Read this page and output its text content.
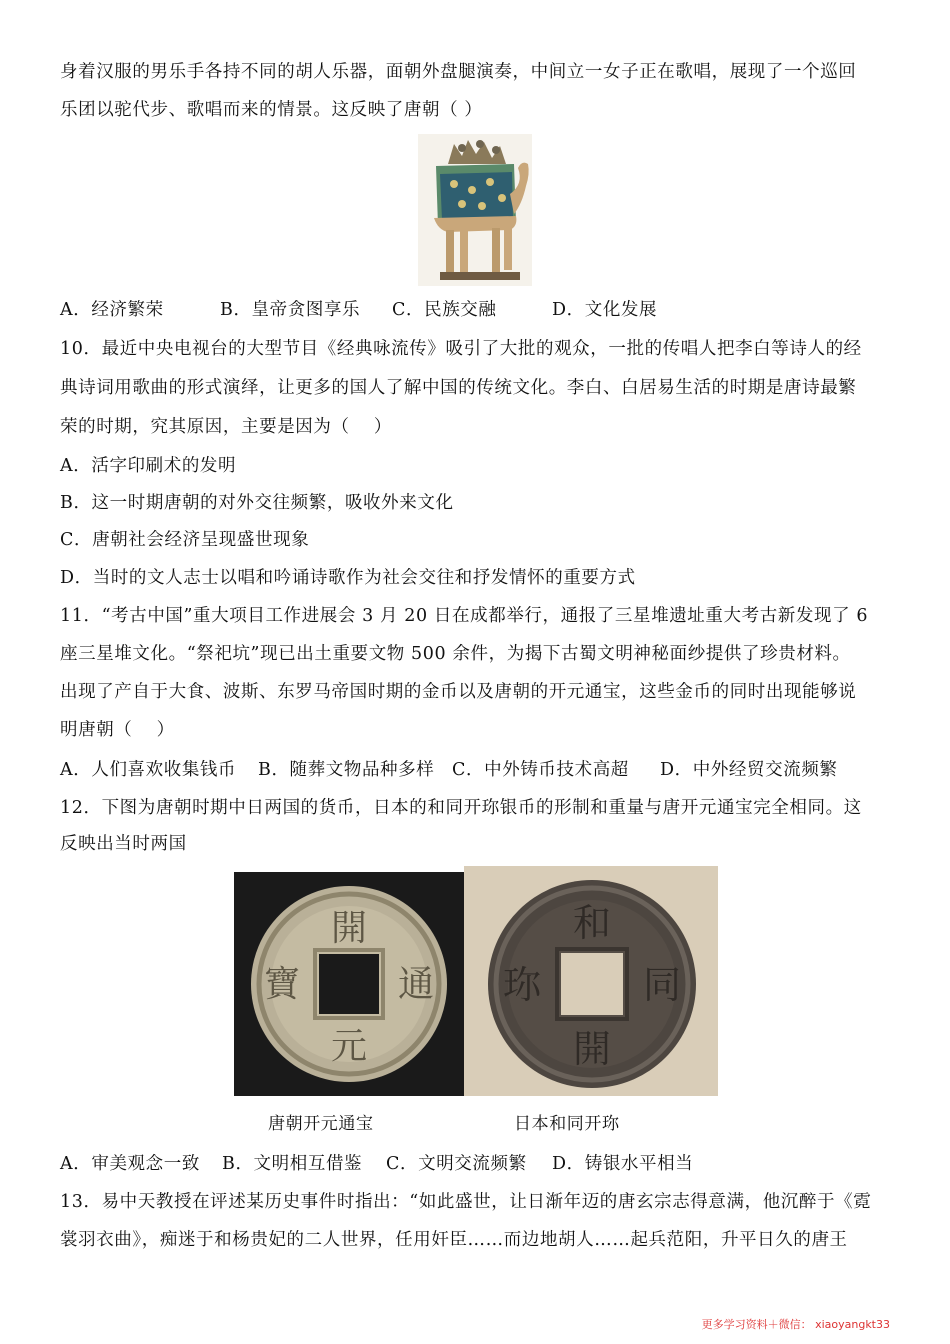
身着汉服的男乐手各持不同的胡人乐器，面朝外盘腿演奏，中间立一女子正在歌唱，展现了一个巡回
乐团以驼代步、歌唱而来的情景。这反映了唐朝（ ）
A．经济繁荣	B．皇帝贪图享乐 C．民族交融	D．文化发展
10．最近中央电视台的大型节目《经典咏流传》吸引了大批的观众，一批的传唱人把李白等诗人的经
典诗词用歌曲的形式演绎，让更多的国人了解中国的传统文化。李白、白居易生活的时期是唐诗最繁
荣的时期，究其原因，主要是因为（　 ）
A．活字印刷术的发明
B．这一时期唐朝的对外交往频繁，吸收外来文化
C．唐朝社会经济呈现盛世现象
D．当时的文人志士以唱和吟诵诗歌作为社会交往和抒发情怀的重要方式
11．“考古中国”重大项目工作进展会 3 月 20 日在成都举行，通报了三星堆遗址重大考古新发现了 6
座三星堆文化。“祭祀坑”现已出土重要文物 500 余件，为揭下古蜀文明神秘面纱提供了珍贵材料。
出现了产自于大食、波斯、东罗马帝国时期的金币以及唐朝的开元通宝，这些金币的同时出现能够说
明唐朝（　 ）
A．人们喜欢收集钱币 B．随葬文物品种多样 C．中外铸币技术高超 D．中外经贸交流频繁
12．下图为唐朝时期中日两国的货币，日本的和同开珎银币的形制和重量与唐开元通宝完全相同。这
反映出当时两国
開
通
元
寶
和
同
開
珎
唐朝开元通宝	日本和同开珎
A．审美观念一致 B．文明相互借鉴 C．文明交流频繁 D．铸银水平相当
13．易中天教授在评述某历史事件时指出：“如此盛世，让日渐年迈的唐玄宗志得意满，他沉醉于《霓
裳羽衣曲》，痴迷于和杨贵妃的二人世界，任用奸臣……而边地胡人……起兵范阳，升平日久的唐王
更多学习资料＋微信： xiaoyangkt33
